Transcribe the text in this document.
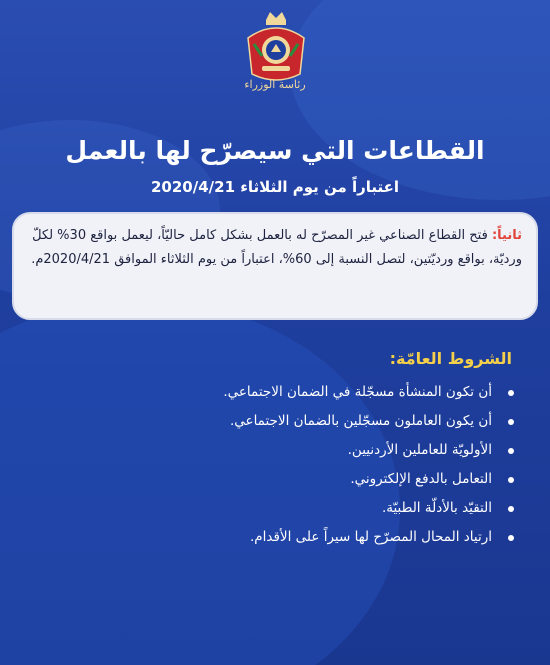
رئاسة الوزراء
القطاعات التي سيصرّح لها بالعمل
اعتباراً من يوم الثلاثاء 2020/4/21
ثانياً: فتح القطاع الصناعي غير المصرّح له بالعمل بشكل كامل حاليّاً، ليعمل بواقع 30% لكلّ ورديّة، بواقع ورديّتين، لتصل النسبة إلى 60%، اعتباراً من يوم الثلاثاء الموافق 2020/4/21م.
الشروط العامّة:
أن تكون المنشأة مسجّلة في الضمان الاجتماعي.
أن يكون العاملون مسجّلين بالضمان الاجتماعي.
الأولويّة للعاملين الأردنيين.
التعامل بالدفع الإلكتروني.
التقيّد بالأدلّة الطبيّة.
ارتياد المحال المصرّح لها سيراً على الأقدام.
